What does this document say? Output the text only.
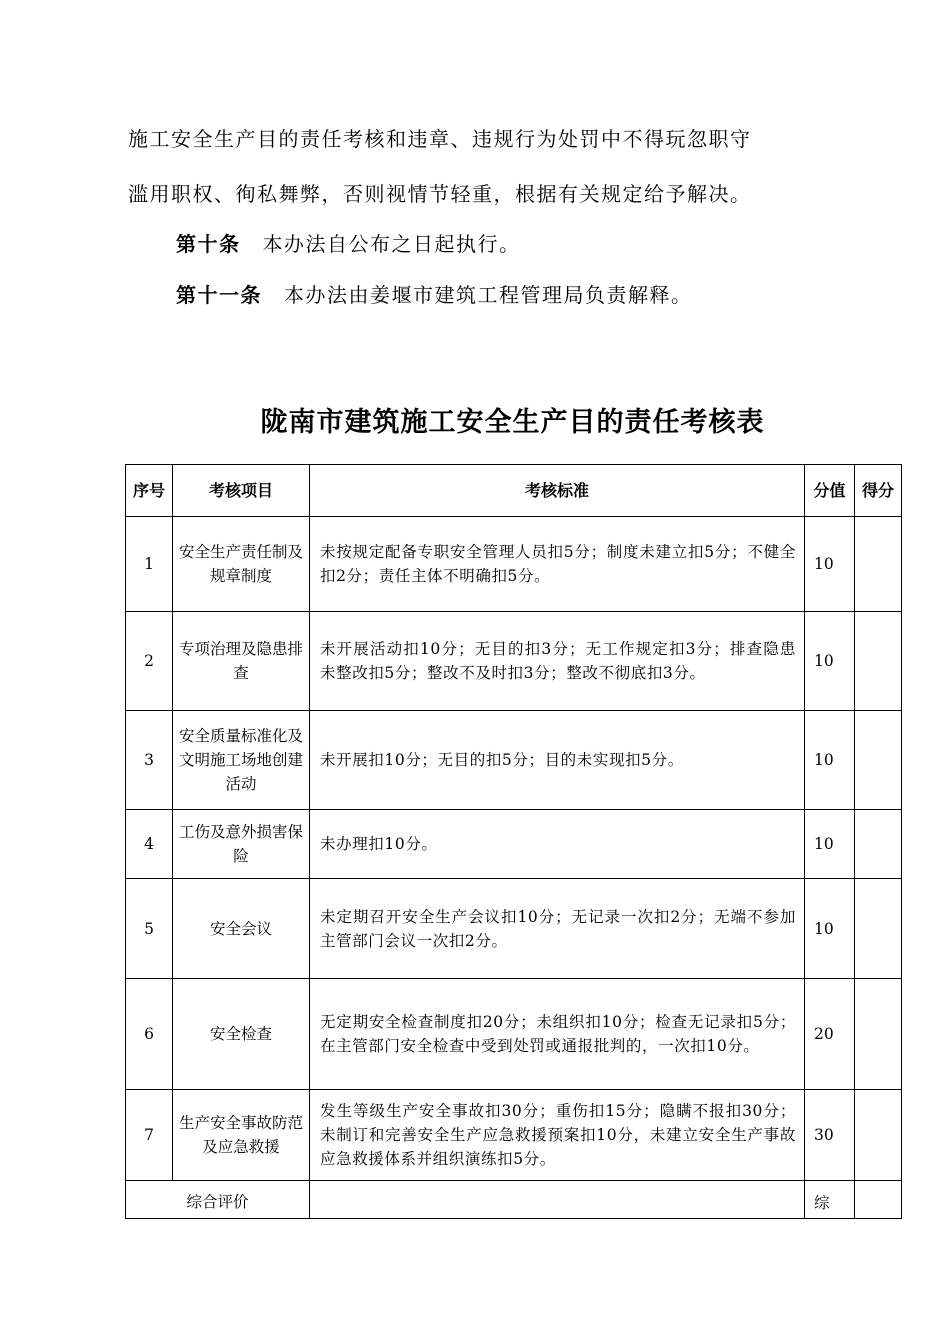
施工安全生产目的责任考核和违章、违规行为处罚中不得玩忽职守
滥用职权、徇私舞弊，否则视情节轻重，根据有关规定给予解决。
第十条 本办法自公布之日起执行。
第十一条 本办法由姜堰市建筑工程管理局负责解释。
陇南市建筑施工安全生产目的责任考核表
序号	考核项目	考核标准	分值	得分
1	安全生产责任制及规章制度	未按规定配备专职安全管理人员扣5分；制度未建立扣5分；不健全扣2分；责任主体不明确扣5分。	10	
2	专项治理及隐患排查	未开展活动扣10分；无目的扣3分；无工作规定扣3分；排查隐患未整改扣5分；整改不及时扣3分；整改不彻底扣3分。	10	
3	安全质量标准化及文明施工场地创建活动	未开展扣10分；无目的扣5分；目的未实现扣5分。	10	
4	工伤及意外损害保险	未办理扣10分。	10	
5	安全会议	未定期召开安全生产会议扣10分；无记录一次扣2分；无端不参加主管部门会议一次扣2分。	10	
6	安全检查	无定期安全检查制度扣20分；未组织扣10分；检查无记录扣5分；在主管部门安全检查中受到处罚或通报批判的，一次扣10分。	20	
7	生产安全事故防范及应急救援	发生等级生产安全事故扣30分；重伤扣15分；隐瞒不报扣30分；未制订和完善安全生产应急救援预案扣10分，未建立安全生产事故应急救援体系并组织演练扣5分。	30	
综合评价			综	
